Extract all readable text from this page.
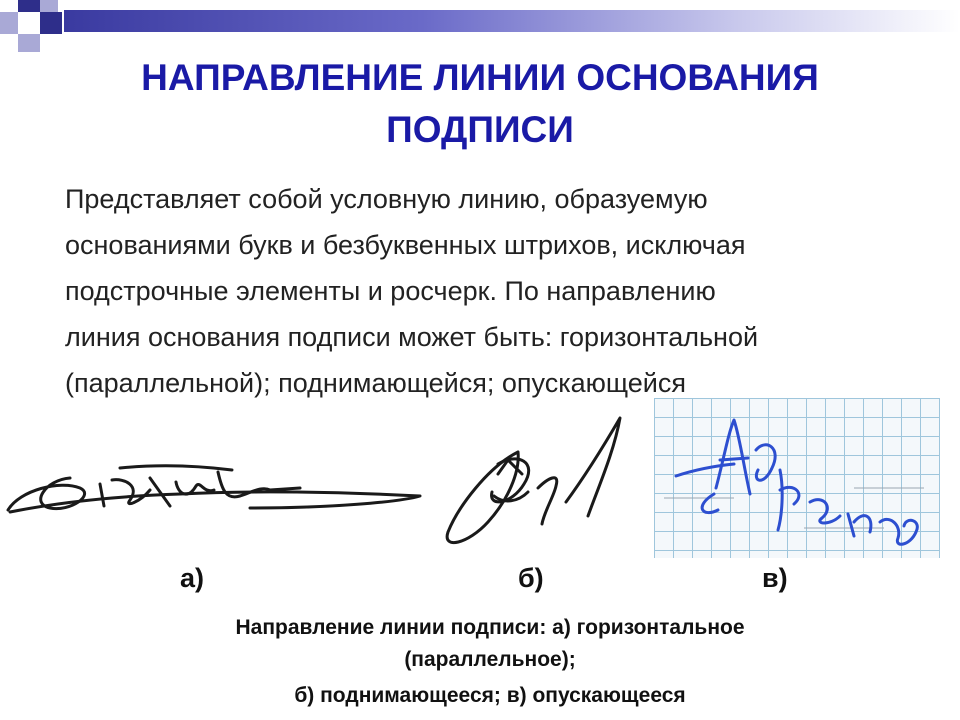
НАПРАВЛЕНИЕ ЛИНИИ ОСНОВАНИЯ
ПОДПИСИ
Представляет собой условную линию, образуемую
основаниями букв и безбуквенных штрихов, исключая
подстрочные элементы и росчерк. По направлению
линия основания подписи может быть: горизонтальной
(параллельной); поднимающейся; опускающейся
а)	б)	в)
Направление линии подписи: а) горизонтальное
(параллельное);
б) поднимающееся; в) опускающееся
